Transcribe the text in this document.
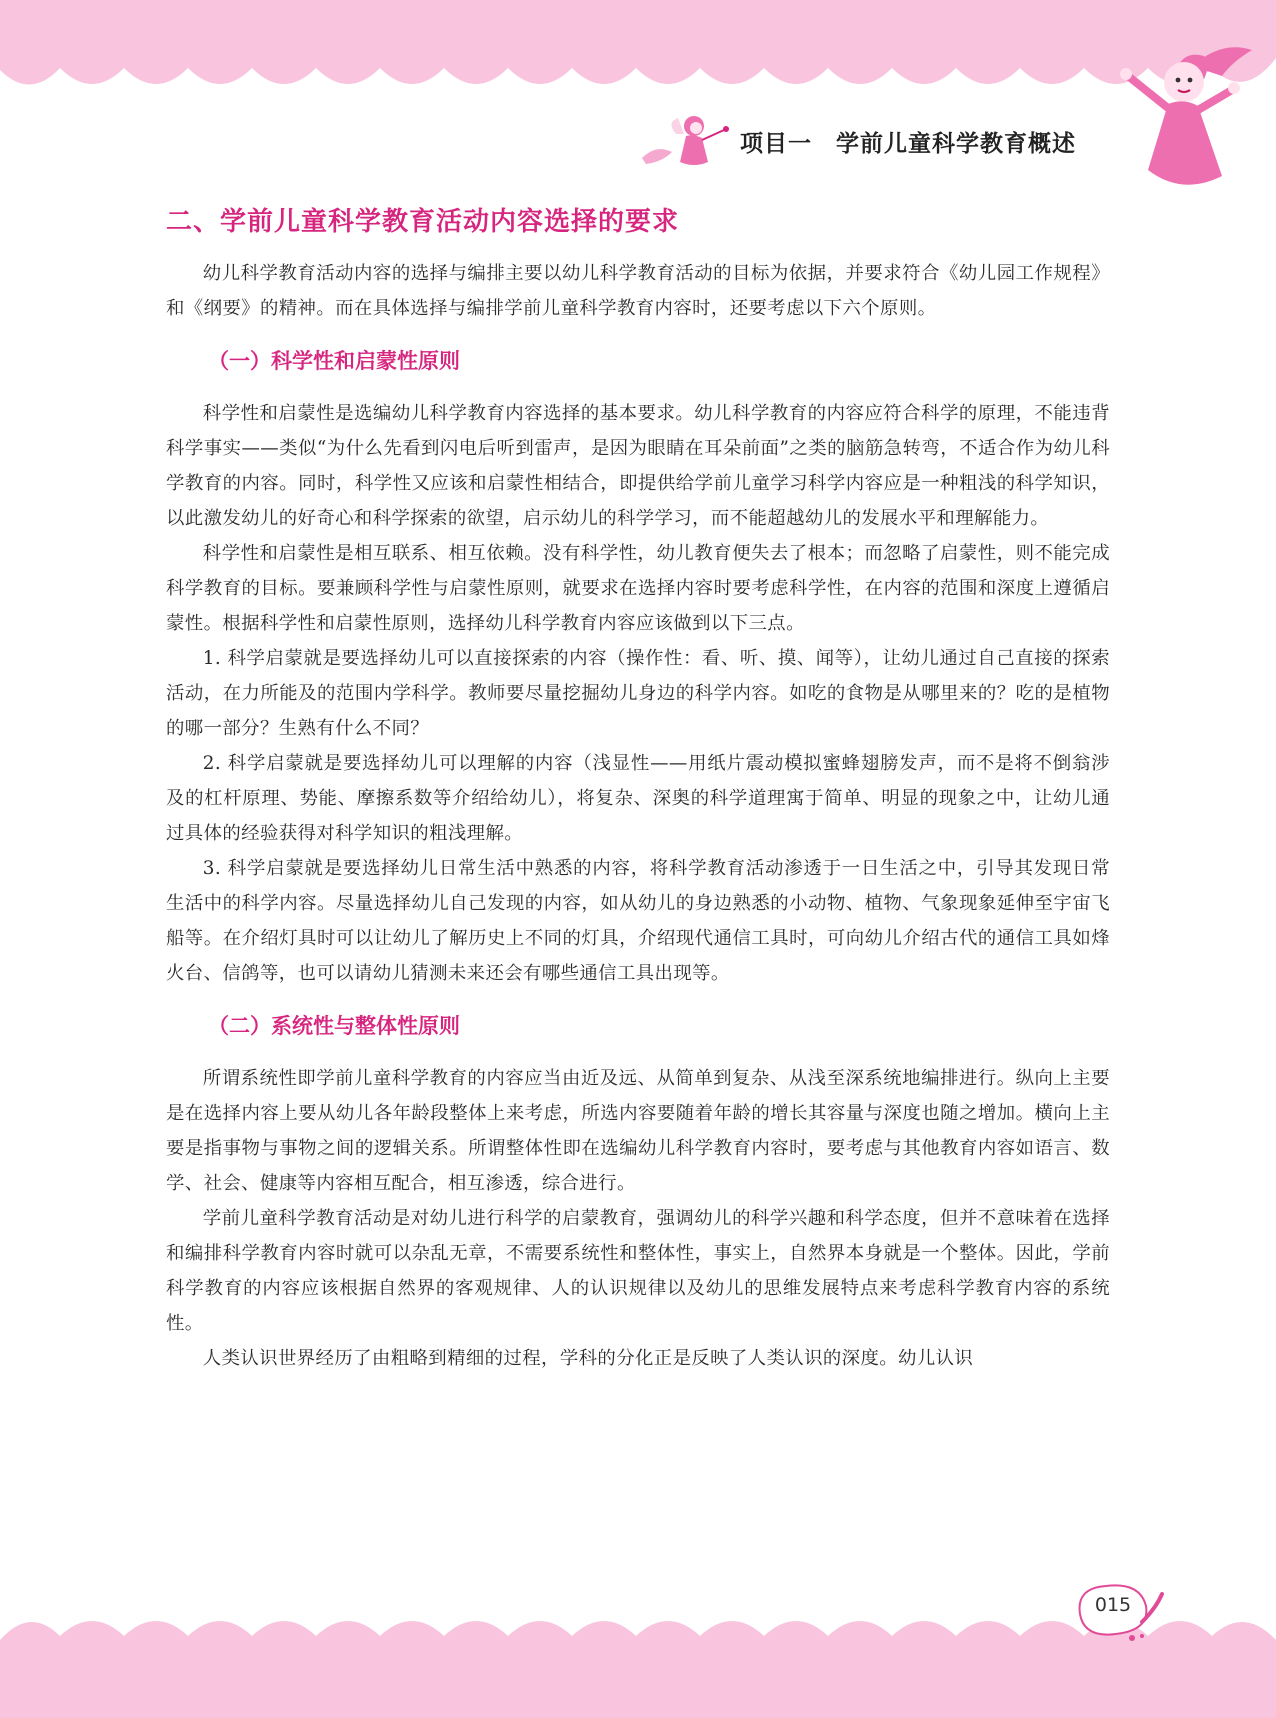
项目一 学前儿童科学教育概述
二、学前儿童科学教育活动内容选择的要求

幼儿科学教育活动内容的选择与编排主要以幼儿科学教育活动的目标为依据，并要求符合《幼儿园工作规程》和《纲要》的精神。而在具体选择与编排学前儿童科学教育内容时，还要考虑以下六个原则。

（一）科学性和启蒙性原则

科学性和启蒙性是选编幼儿科学教育内容选择的基本要求。幼儿科学教育的内容应符合科学的原理，不能违背科学事实——类似“为什么先看到闪电后听到雷声，是因为眼睛在耳朵前面”之类的脑筋急转弯，不适合作为幼儿科学教育的内容。同时，科学性又应该和启蒙性相结合，即提供给学前儿童学习科学内容应是一种粗浅的科学知识，以此激发幼儿的好奇心和科学探索的欲望，启示幼儿的科学学习，而不能超越幼儿的发展水平和理解能力。

科学性和启蒙性是相互联系、相互依赖。没有科学性，幼儿教育便失去了根本；而忽略了启蒙性，则不能完成科学教育的目标。要兼顾科学性与启蒙性原则，就要求在选择内容时要考虑科学性，在内容的范围和深度上遵循启蒙性。根据科学性和启蒙性原则，选择幼儿科学教育内容应该做到以下三点。

1. 科学启蒙就是要选择幼儿可以直接探索的内容（操作性：看、听、摸、闻等），让幼儿通过自己直接的探索活动，在力所能及的范围内学科学。教师要尽量挖掘幼儿身边的科学内容。如吃的食物是从哪里来的？吃的是植物的哪一部分？生熟有什么不同？

2. 科学启蒙就是要选择幼儿可以理解的内容（浅显性——用纸片震动模拟蜜蜂翅膀发声，而不是将不倒翁涉及的杠杆原理、势能、摩擦系数等介绍给幼儿），将复杂、深奥的科学道理寓于简单、明显的现象之中，让幼儿通过具体的经验获得对科学知识的粗浅理解。

3. 科学启蒙就是要选择幼儿日常生活中熟悉的内容，将科学教育活动渗透于一日生活之中，引导其发现日常生活中的科学内容。尽量选择幼儿自己发现的内容，如从幼儿的身边熟悉的小动物、植物、气象现象延伸至宇宙飞船等。在介绍灯具时可以让幼儿了解历史上不同的灯具，介绍现代通信工具时，可向幼儿介绍古代的通信工具如烽火台、信鸽等，也可以请幼儿猜测未来还会有哪些通信工具出现等。

（二）系统性与整体性原则

所谓系统性即学前儿童科学教育的内容应当由近及远、从简单到复杂、从浅至深系统地编排进行。纵向上主要是在选择内容上要从幼儿各年龄段整体上来考虑，所选内容要随着年龄的增长其容量与深度也随之增加。横向上主要是指事物与事物之间的逻辑关系。所谓整体性即在选编幼儿科学教育内容时，要考虑与其他教育内容如语言、数学、社会、健康等内容相互配合，相互渗透，综合进行。

学前儿童科学教育活动是对幼儿进行科学的启蒙教育，强调幼儿的科学兴趣和科学态度，但并不意味着在选择和编排科学教育内容时就可以杂乱无章，不需要系统性和整体性，事实上，自然界本身就是一个整体。因此，学前科学教育的内容应该根据自然界的客观规律、人的认识规律以及幼儿的思维发展特点来考虑科学教育内容的系统性。

人类认识世界经历了由粗略到精细的过程，学科的分化正是反映了人类认识的深度。幼儿认识

015
